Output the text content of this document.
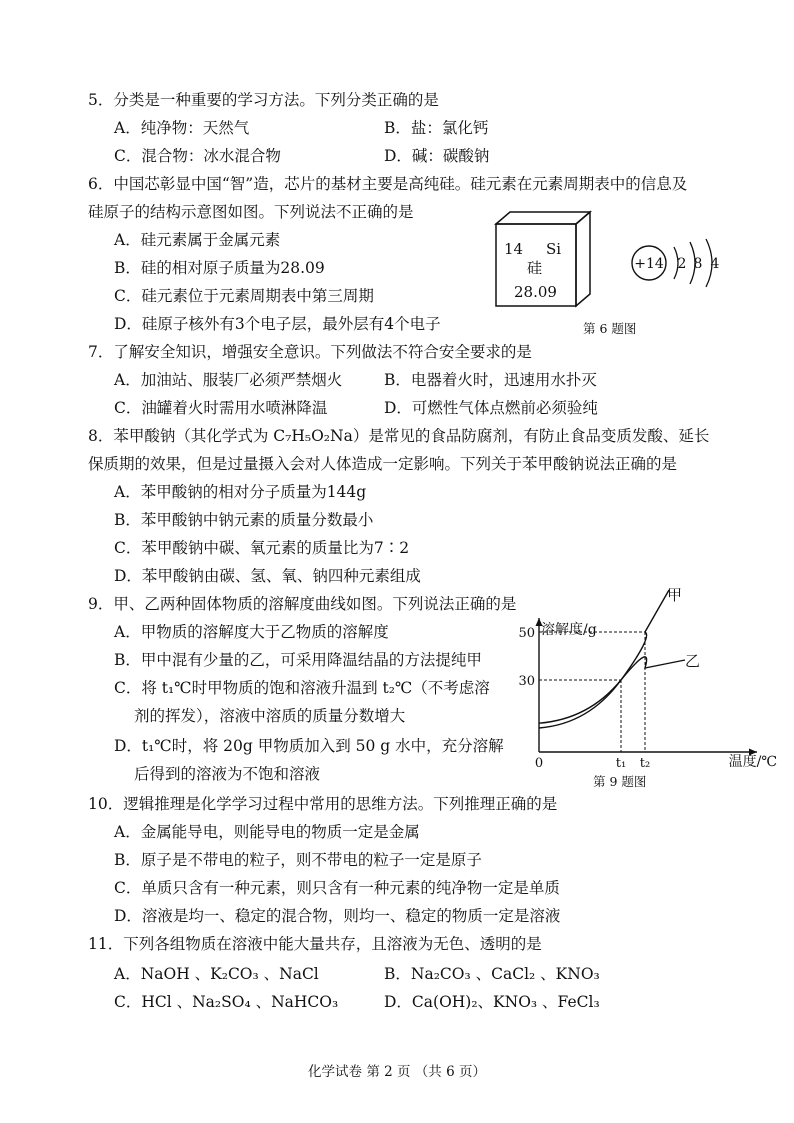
5．分类是一种重要的学习方法。下列分类正确的是
A．纯净物：天然气	B．盐：氯化钙
C．混合物：冰水混合物	D．碱：碳酸钠
6．中国芯彰显中国“智”造，芯片的基材主要是高纯硅。硅元素在元素周期表中的信息及
硅原子的结构示意图如图。下列说法不正确的是
A．硅元素属于金属元素
B．硅的相对原子质量为28.09
C．硅元素位于元素周期表中第三周期
D．硅原子核外有3个电子层，最外层有4个电子
14 Si
硅
28.09
+14 2 8 4
第 6 题图
7．了解安全知识，增强安全意识。下列做法不符合安全要求的是
A．加油站、服装厂必须严禁烟火	B．电器着火时，迅速用水扑灭
C．油罐着火时需用水喷淋降温	D．可燃性气体点燃前必须验纯
8．苯甲酸钠（其化学式为 C₇H₅O₂Na）是常见的食品防腐剂，有防止食品变质发酸、延长
保质期的效果，但是过量摄入会对人体造成一定影响。下列关于苯甲酸钠说法正确的是
A．苯甲酸钠的相对分子质量为144g
B．苯甲酸钠中钠元素的质量分数最小
C．苯甲酸钠中碳、氧元素的质量比为7∶2
D．苯甲酸钠由碳、氢、氧、钠四种元素组成
9．甲、乙两种固体物质的溶解度曲线如图。下列说法正确的是
A．甲物质的溶解度大于乙物质的溶解度
B．甲中混有少量的乙，可采用降温结晶的方法提纯甲
C．将 t₁℃时甲物质的饱和溶液升温到 t₂℃（不考虑溶
剂的挥发），溶液中溶质的质量分数增大
D．t₁℃时，将 20g 甲物质加入到 50 g 水中，充分溶解
后得到的溶液为不饱和溶液
30
50
t₁ t₂
0
溶解度/g
温度/℃
甲
乙
第 9 题图
10．逻辑推理是化学学习过程中常用的思维方法。下列推理正确的是
A．金属能导电，则能导电的物质一定是金属
B．原子是不带电的粒子，则不带电的粒子一定是原子
C．单质只含有一种元素，则只含有一种元素的纯净物一定是单质
D．溶液是均一、稳定的混合物，则均一、稳定的物质一定是溶液
11．下列各组物质在溶液中能大量共存，且溶液为无色、透明的是
A．NaOH 、K₂CO₃ 、NaCl	B．Na₂CO₃ 、CaCl₂ 、KNO₃
C．HCl 、Na₂SO₄ 、NaHCO₃	D．Ca(OH)₂、KNO₃ 、FeCl₃
化学试卷 第 2 页 （共 6 页）
